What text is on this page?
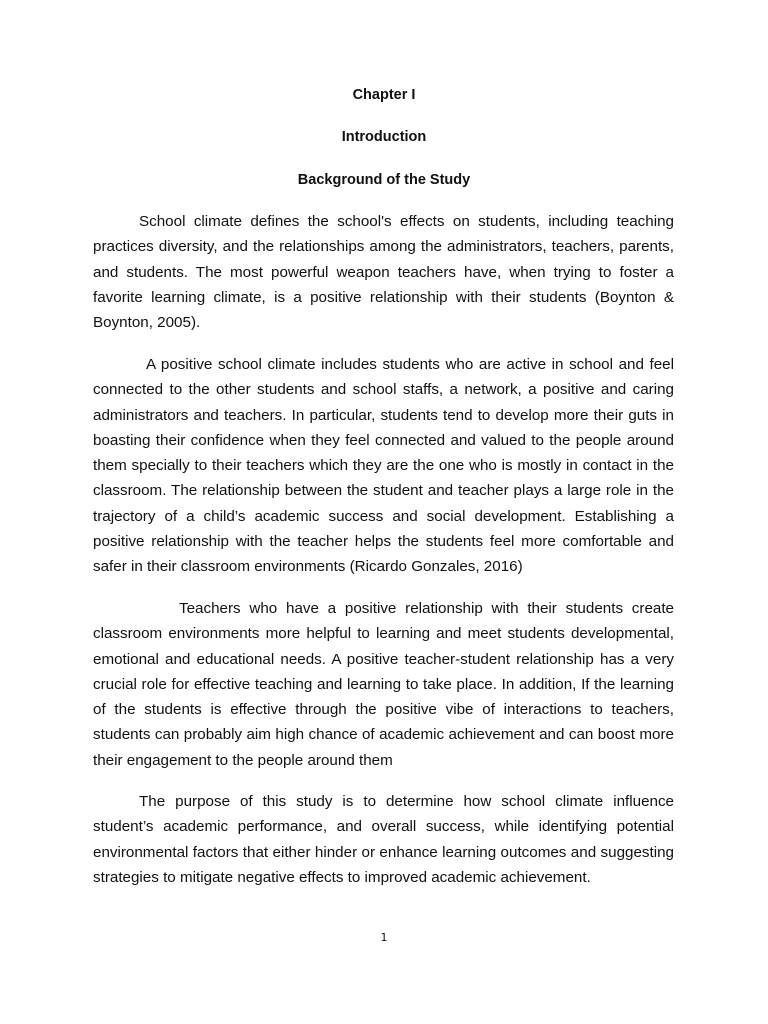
Chapter I
Introduction
Background of the Study

School climate defines the school's effects on students, including teaching practices diversity, and the relationships among the administrators, teachers, parents, and students. The most powerful weapon teachers have, when trying to foster a favorite learning climate, is a positive relationship with their students (Boynton & Boynton, 2005).

A positive school climate includes students who are active in school and feel connected to the other students and school staffs, a network, a positive and caring administrators and teachers. In particular, students tend to develop more their guts in boasting their confidence when they feel connected and valued to the people around them specially to their teachers which they are the one who is mostly in contact in the classroom. The relationship between the student and teacher plays a large role in the trajectory of a child’s academic success and social development. Establishing a positive relationship with the teacher helps the students feel more comfortable and safer in their classroom environments (Ricardo Gonzales, 2016)

Teachers who have a positive relationship with their students create classroom environments more helpful to learning and meet students developmental, emotional and educational needs. A positive teacher-student relationship has a very crucial role for effective teaching and learning to take place. In addition, If the learning of the students is effective through the positive vibe of interactions to teachers, students can probably aim high chance of academic achievement and can boost more their engagement to the people around them

The purpose of this study is to determine how school climate influence student’s academic performance, and overall success, while identifying potential environmental factors that either hinder or enhance learning outcomes and suggesting strategies to mitigate negative effects to improved academic achievement.

1
